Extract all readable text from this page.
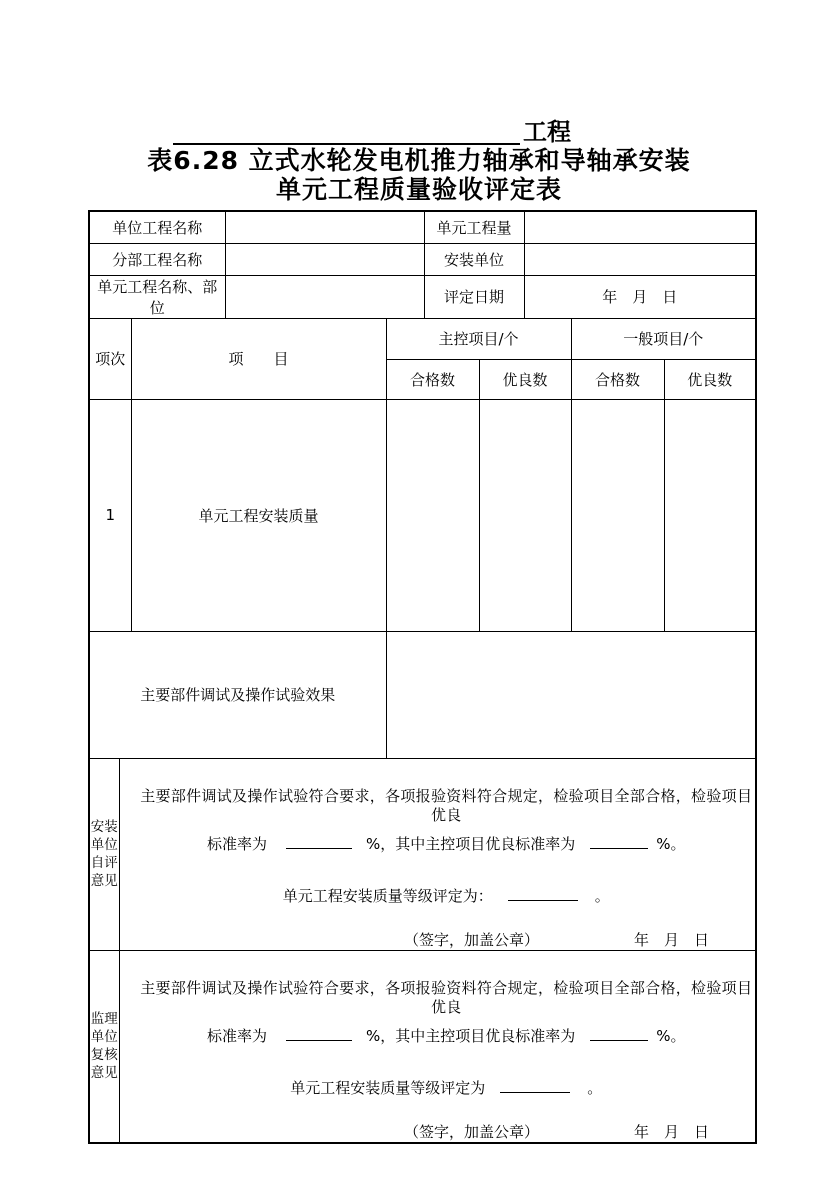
工程
表6.28 立式水轮发电机推力轴承和导轴承安装
单元工程质量验收评定表
单位工程名称					单元工程量				
分部工程名称					安装单位				
单元工程名称、部位					评定日期		年　月　日		
项次		项　　目		主控项目/个				一般项目/个	
				合格数		优良数		合格数	优良数
1		单元工程安装质量							
主要部件调试及操作试验效果									

安装单位自评意见	主要部件调试及操作试验符合要求，各项报验资料符合规定，检验项目全部合格，检验项目优良

标准率为 %，其中主控项目优良标准率为 %。

单元工程安装质量等级评定为： 。

（签字，加盖公章） 年　月　日								

监理单位复核意见	主要部件调试及操作试验符合要求，各项报验资料符合规定，检验项目全部合格，检验项目优良

标准率为 %，其中主控项目优良标准率为 %。

单元工程安装质量等级评定为 。

（签字，加盖公章） 年　月　日								
